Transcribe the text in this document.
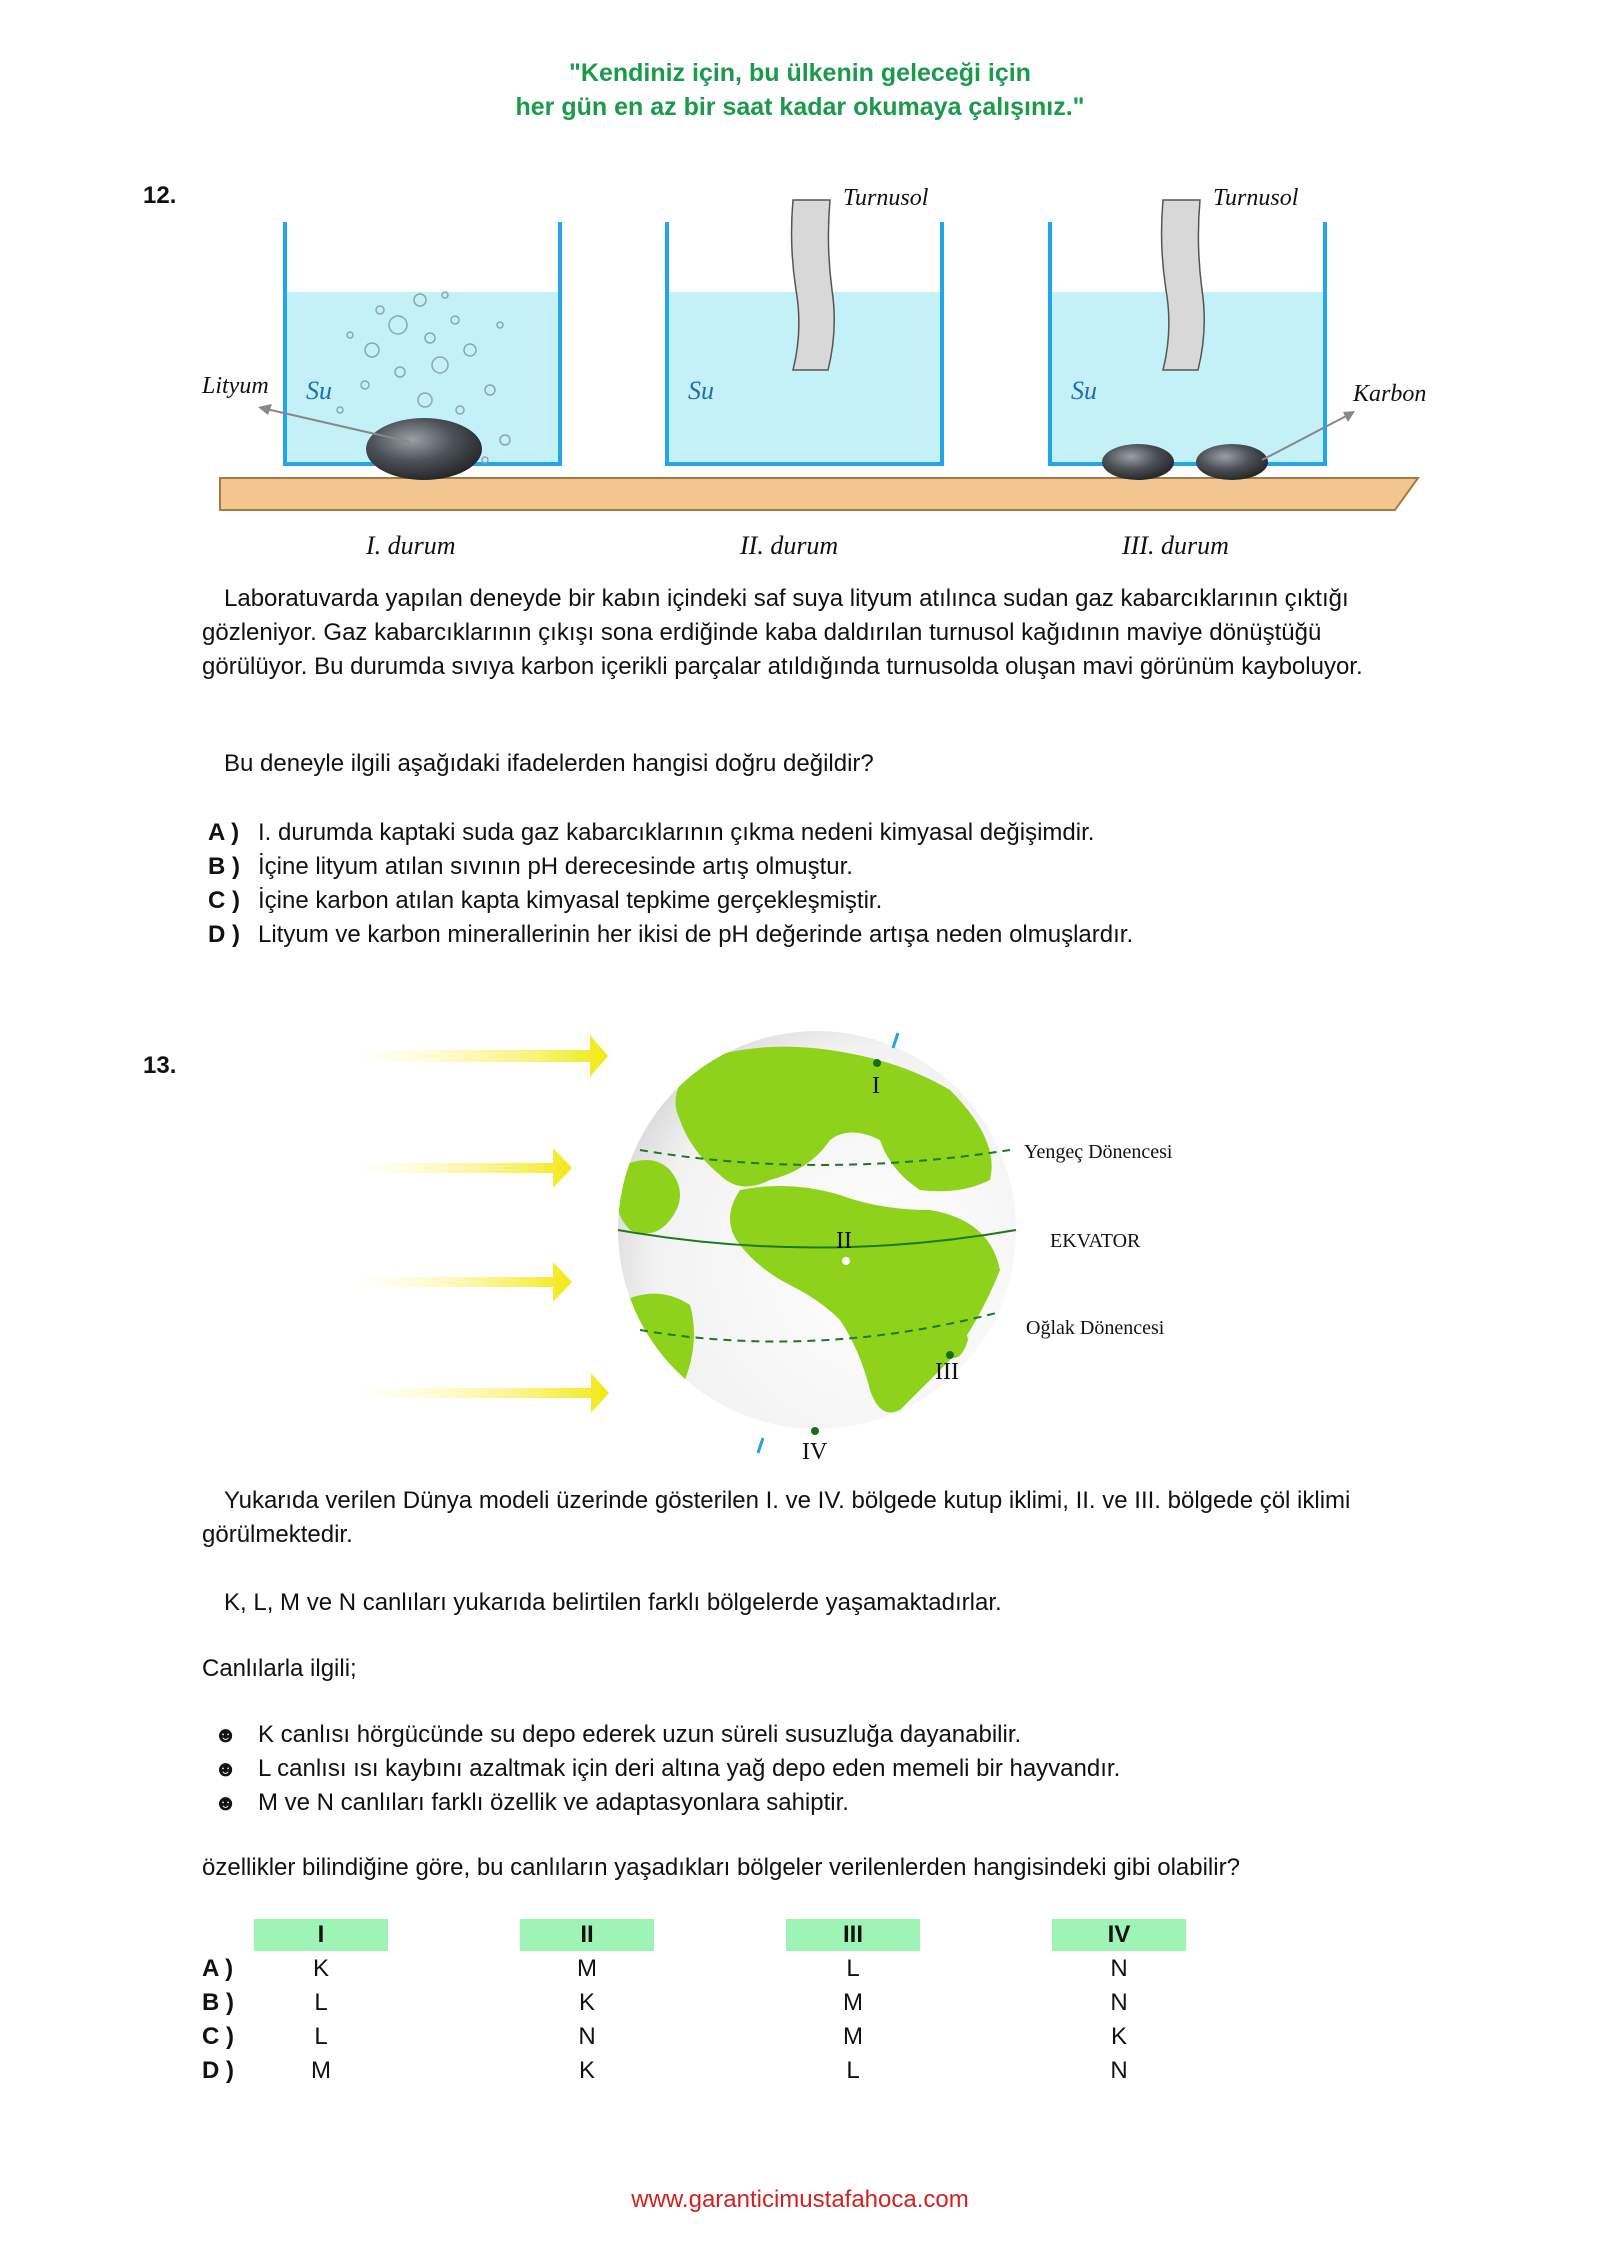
"Kendiniz için, bu ülkenin geleceği için
her gün en az bir saat kadar okumaya çalışınız."
12.	Turnusol	Turnusol
Lityum Su	Su	Su	Karbon
I. durum	II. durum	III. durum
Laboratuvarda yapılan deneyde bir kabın içindeki saf suya lityum atılınca sudan gaz kabarcıklarının çıktığı gözleniyor. Gaz kabarcıklarının çıkışı sona erdiğinde kaba daldırılan turnusol kağıdının maviye dönüştüğü görülüyor. Bu durumda sıvıya karbon içerikli parçalar atıldığında turnusolda oluşan mavi görünüm kayboluyor.
Bu deneyle ilgili aşağıdaki ifadelerden hangisi doğru değildir?
A ) I. durumda kaptaki suda gaz kabarcıklarının çıkma nedeni kimyasal değişimdir.
B ) İçine lityum atılan sıvının pH derecesinde artış olmuştur.
C ) İçine karbon atılan kapta kimyasal tepkime gerçekleşmiştir.
D ) Lityum ve karbon minerallerinin her ikisi de pH değerinde artışa neden olmuşlardır.
13.
I
II
III
IV
Yengeç Dönencesi
EKVATOR
Oğlak Dönencesi
Yukarıda verilen Dünya modeli üzerinde gösterilen I. ve IV. bölgede kutup iklimi, II. ve III. bölgede çöl iklimi görülmektedir.
K, L, M ve N canlıları yukarıda belirtilen farklı bölgelerde yaşamaktadırlar.
Canlılarla ilgili;
☻ K canlısı hörgücünde su depo ederek uzun süreli susuzluğa dayanabilir.
☻ L canlısı ısı kaybını azaltmak için deri altına yağ depo eden memeli bir hayvandır.
☻ M ve N canlıları farklı özellik ve adaptasyonlara sahiptir.
özellikler bilindiğine göre, bu canlıların yaşadıkları bölgeler verilenlerden hangisindeki gibi olabilir?
I	II	III	IV
A )	K	M	L	N
B )	L	K	M	N
C )	L	N	M	K
D )	M	K	L	N
www.garanticimustafahoca.com
